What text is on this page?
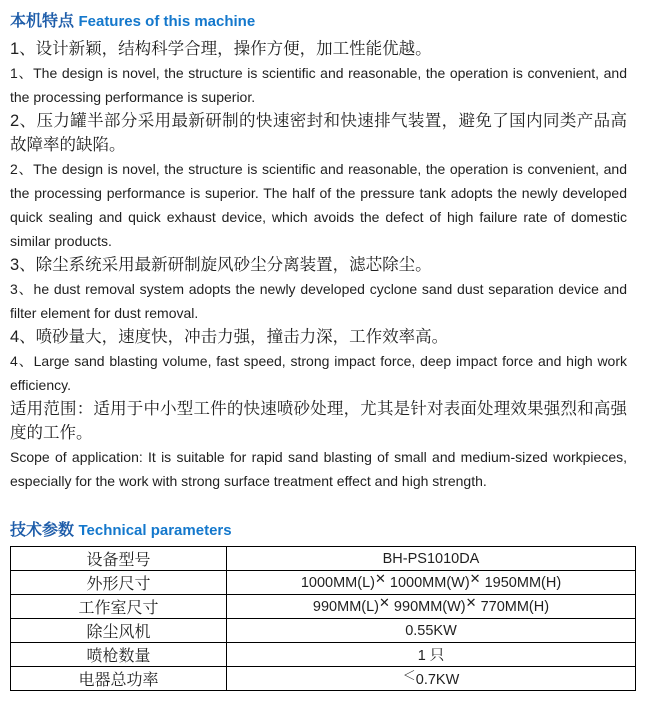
本机特点 Features of this machine

1、设计新颖，结构科学合理，操作方便，加工性能优越。

1、The design is novel, the structure is scientific and reasonable, the operation is convenient, and the processing performance is superior.

2、压力罐半部分采用最新研制的快速密封和快速排气装置，避免了国内同类产品高故障率的缺陷。

2、The design is novel, the structure is scientific and reasonable, the operation is convenient, and the processing performance is superior. The half of the pressure tank adopts the newly developed quick sealing and quick exhaust device, which avoids the defect of high failure rate of domestic similar products.

3、除尘系统采用最新研制旋风砂尘分离装置，滤芯除尘。

3、he dust removal system adopts the newly developed cyclone sand dust separation device and filter element for dust removal.

4、喷砂量大，速度快，冲击力强，撞击力深，工作效率高。

4、Large sand blasting volume, fast speed, strong impact force, deep impact force and high work efficiency.

适用范围：适用于中小型工件的快速喷砂处理，尤其是针对表面处理效果强烈和高强度的工作。

Scope of application: It is suitable for rapid sand blasting of small and medium-sized workpieces, especially for the work with strong surface treatment effect and high strength.

技术参数 Technical parameters
设备型号	BH-PS1010DA
外形尺寸	1000MM(L)✕ 1000MM(W)✕ 1950MM(H)
工作室尺寸	990MM(L)✕ 990MM(W)✕ 770MM(H)
除尘风机	0.55KW
喷枪数量	1 只
电器总功率	＜0.7KW
